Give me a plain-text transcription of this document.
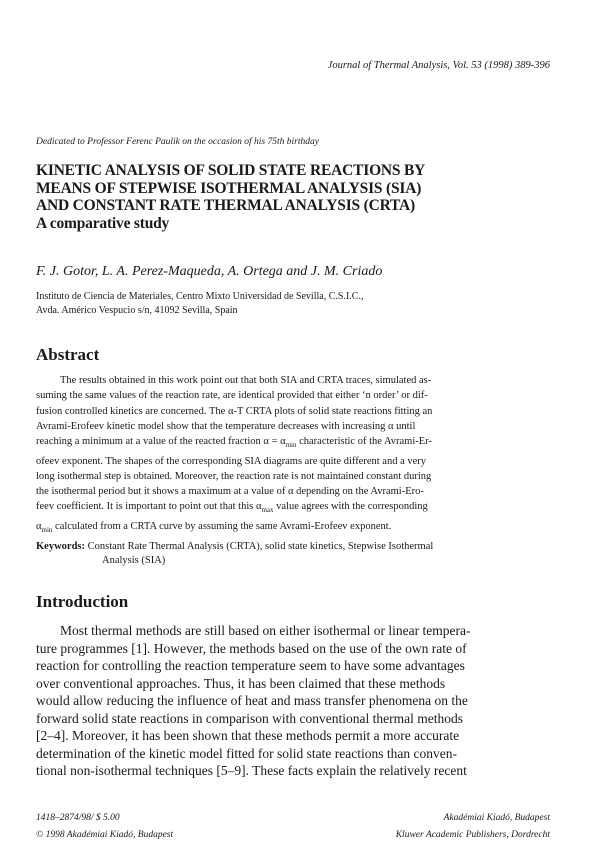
Journal of Thermal Analysis, Vol. 53 (1998) 389-396
Dedicated to Professor Ferenc Paulik on the occasion of his 75th birthday
KINETIC ANALYSIS OF SOLID STATE REACTIONS BY
MEANS OF STEPWISE ISOTHERMAL ANALYSIS (SIA)
AND CONSTANT RATE THERMAL ANALYSIS (CRTA)
A comparative study
F. J. Gotor, L. A. Perez-Maqueda, A. Ortega and J. M. Criado
Instituto de Ciencia de Materiales, Centro Mixto Universidad de Sevilla, C.S.I.C.,
Avda. Américo Vespucio s/n, 41092 Sevilla, Spain
Abstract
The results obtained in this work point out that both SIA and CRTA traces, simulated as-
suming the same values of the reaction rate, are identical provided that either ‘n order’ or dif-
fusion controlled kinetics are concerned. The α-T CRTA plots of solid state reactions fitting an
Avrami-Erofeev kinetic model show that the temperature decreases with increasing α until
reaching a minimum at a value of the reacted fraction $\alpha = \alpha_{min}$ characteristic of the Avrami-Er-
ofeev exponent. The shapes of the corresponding SIA diagrams are quite different and a very
long isothermal step is obtained. Moreover, the reaction rate is not maintained constant during
the isothermal period but it shows a maximum at a value of α depending on the Avrami-Ero-
feev coefficient. It is important to point out that this $\alpha_{max}$ value agrees with the corresponding
$\alpha_{min}$ calculated from a CRTA curve by assuming the same Avrami-Erofeev exponent.
Keywords: Constant Rate Thermal Analysis (CRTA), solid state kinetics, Stepwise Isothermal
Analysis (SIA)
Introduction
Most thermal methods are still based on either isothermal or linear tempera-
ture programmes [1]. However, the methods based on the use of the own rate of
reaction for controlling the reaction temperature seem to have some advantages
over conventional approaches. Thus, it has been claimed that these methods
would allow reducing the influence of heat and mass transfer phenomena on the
forward solid state reactions in comparison with conventional thermal methods
[2–4]. Moreover, it has been shown that these methods permit a more accurate
determination of the kinetic model fitted for solid state reactions than conven-
tional non-isothermal techniques [5–9]. These facts explain the relatively recent
1418–2874/98/ $ 5.00
© 1998 Akadémiai Kiadó, Budapest
Akadémiai Kiadó, Budapest
Kluwer Academic Publishers, Dordrecht
